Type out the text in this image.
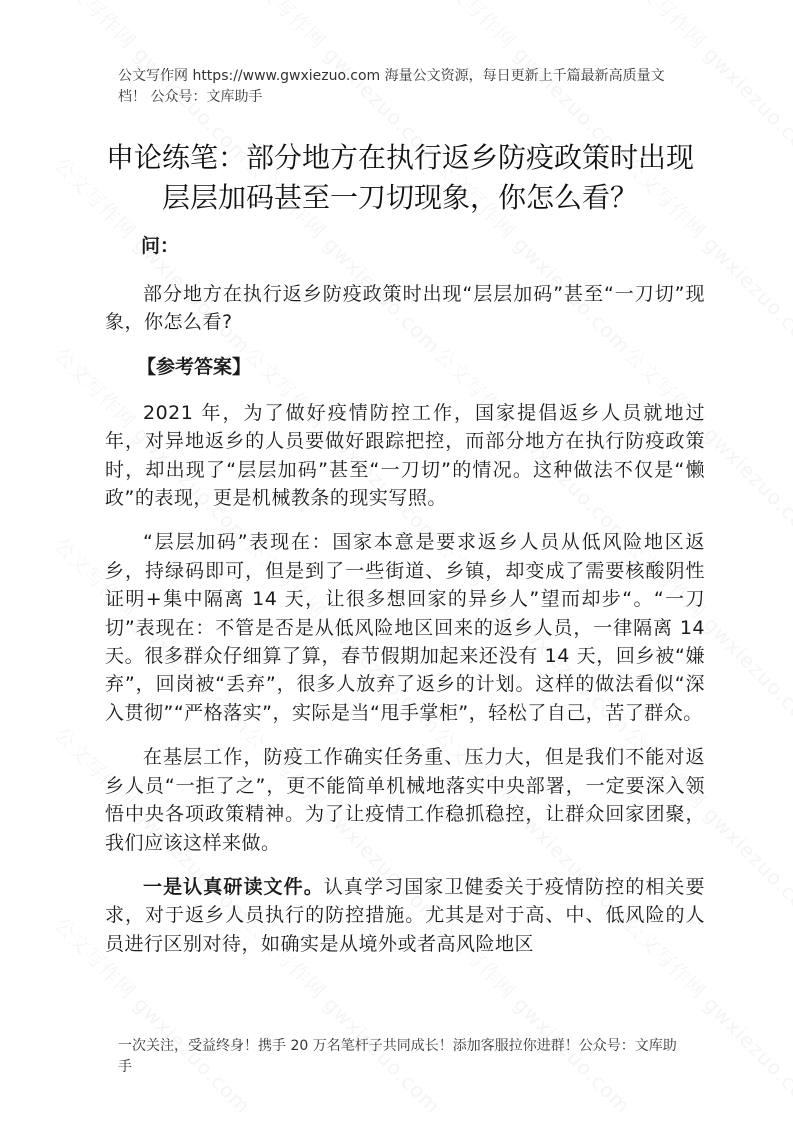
公文写作网 https://www.gwxiezuo.com 海量公文资源，每日更新上千篇最新高质量文档！ 公众号：文库助手
申论练笔：部分地方在执行返乡防疫政策时出现层层加码甚至一刀切现象，你怎么看？
问：

部分地方在执行返乡防疫政策时出现“层层加码”甚至“一刀切”现象，你怎么看?

【参考答案】

2021 年，为了做好疫情防控工作，国家提倡返乡人员就地过年，对异地返乡的人员要做好跟踪把控，而部分地方在执行防疫政策时，却出现了“层层加码”甚至“一刀切”的情况。这种做法不仅是“懒政”的表现，更是机械教条的现实写照。

“层层加码”表现在：国家本意是要求返乡人员从低风险地区返乡，持绿码即可，但是到了一些街道、乡镇，却变成了需要核酸阴性证明+集中隔离 14 天，让很多想回家的异乡人”望而却步“。“一刀切”表现在：不管是否是从低风险地区回来的返乡人员，一律隔离 14 天。很多群众仔细算了算，春节假期加起来还没有 14 天，回乡被“嫌弃”，回岗被“丢弃”，很多人放弃了返乡的计划。这样的做法看似“深入贯彻”“严格落实”，实际是当“甩手掌柜”，轻松了自己，苦了群众。

在基层工作，防疫工作确实任务重、压力大，但是我们不能对返乡人员“一拒了之”，更不能简单机械地落实中央部署，一定要深入领悟中央各项政策精神。为了让疫情工作稳抓稳控，让群众回家团聚，我们应该这样来做。

一是认真研读文件。认真学习国家卫健委关于疫情防控的相关要求，对于返乡人员执行的防控措施。尤其是对于高、中、低风险的人员进行区别对待，如确实是从境外或者高风险地区

一次关注，受益终身！携手 20 万名笔杆子共同成长！添加客服拉你进群！公众号：文库助手
